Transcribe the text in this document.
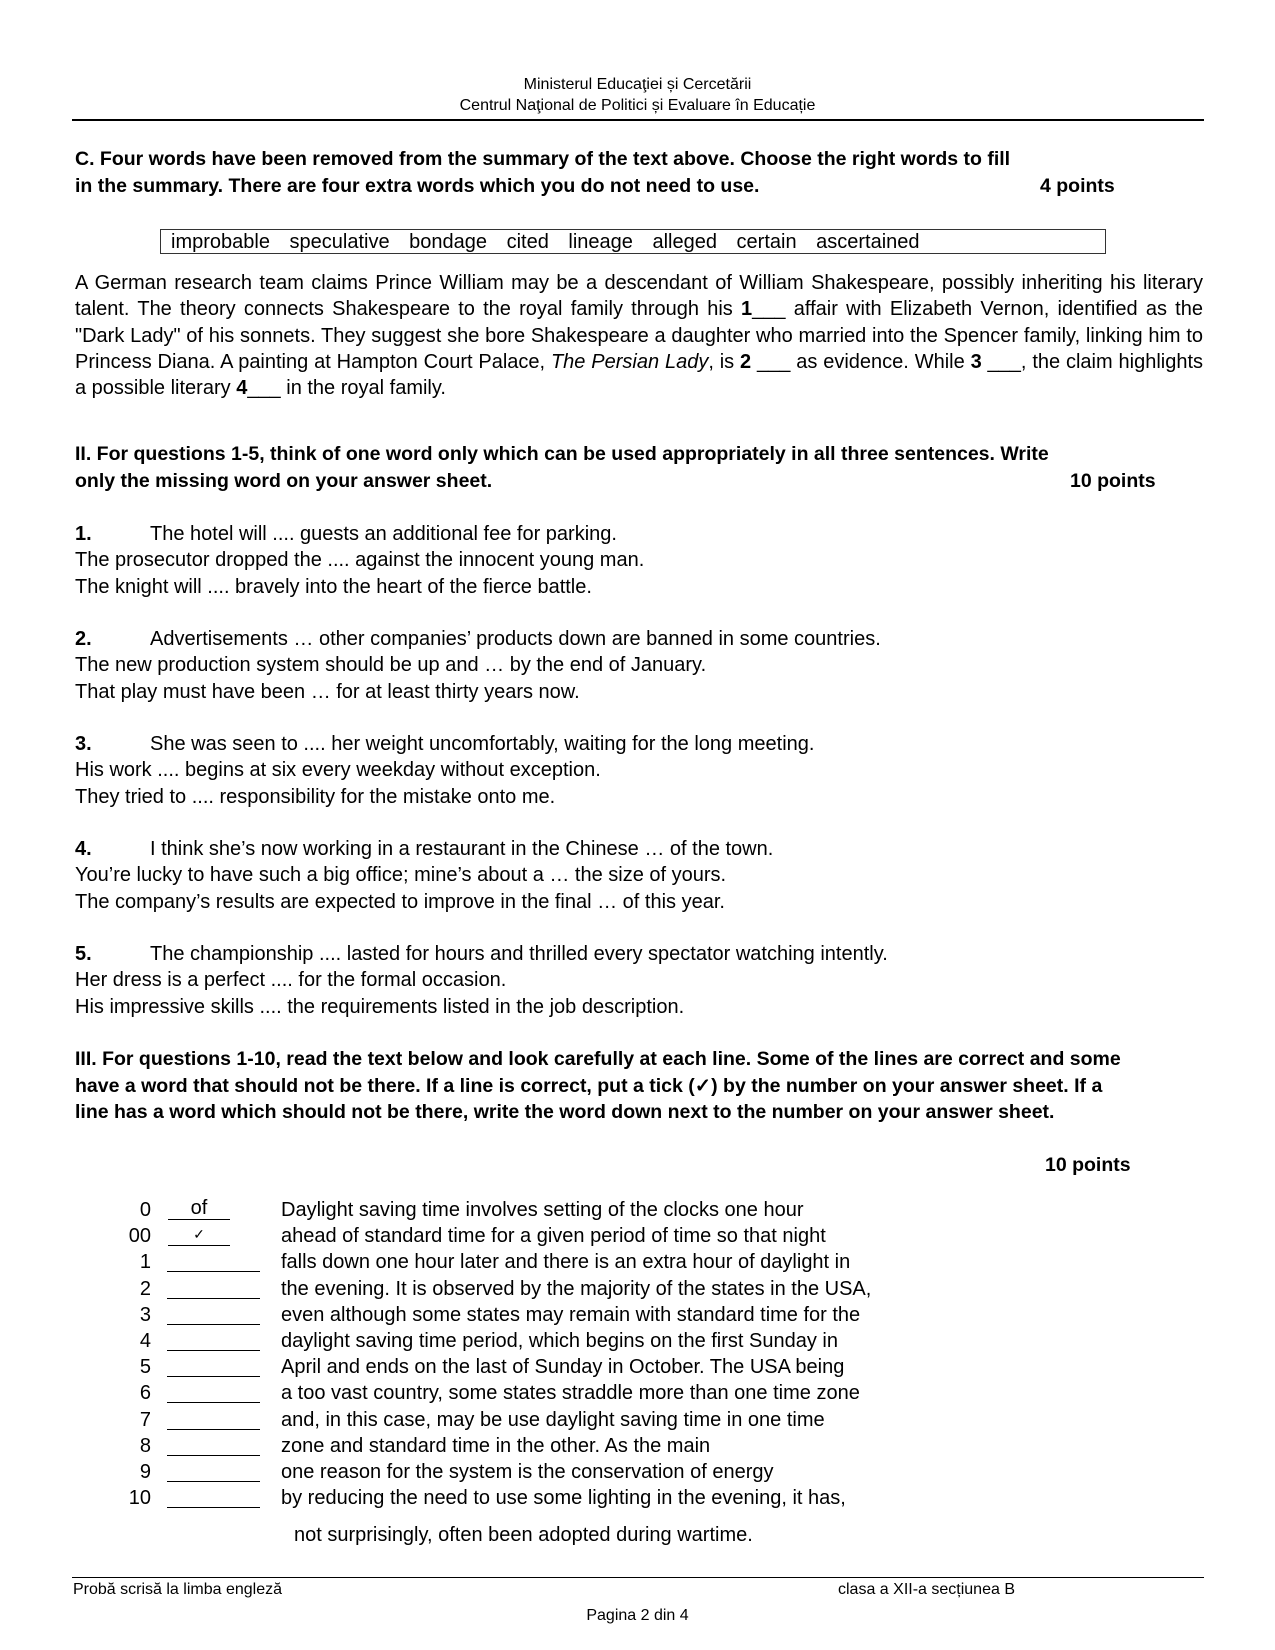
Ministerul Educaţiei și Cercetării
Centrul Naţional de Politici și Evaluare în Educație
C. Four words have been removed from the summary of the text above. Choose the right words to fill
in the summary. There are four extra words which you do not need to use.	4 points
improbable speculative bondage cited lineage alleged certain ascertained
A German research team claims Prince William may be a descendant of William Shakespeare, possibly inheriting his literary talent. The theory connects Shakespeare to the royal family through his 1___ affair with Elizabeth Vernon, identified as the "Dark Lady" of his sonnets. They suggest she bore Shakespeare a daughter who married into the Spencer family, linking him to Princess Diana. A painting at Hampton Court Palace, The Persian Lady, is 2 ___ as evidence. While 3 ___, the claim highlights a possible literary 4___ in the royal family.
II. For questions 1-5, think of one word only which can be used appropriately in all three sentences. Write
only the missing word on your answer sheet.	10 points
1.	The hotel will .... guests an additional fee for parking.
The prosecutor dropped the .... against the innocent young man.
The knight will .... bravely into the heart of the fierce battle.
2.	Advertisements … other companies’ products down are banned in some countries.
The new production system should be up and … by the end of January.
That play must have been … for at least thirty years now.
3.	She was seen to .... her weight uncomfortably, waiting for the long meeting.
His work .... begins at six every weekday without exception.
They tried to .... responsibility for the mistake onto me.
4.	I think she’s now working in a restaurant in the Chinese … of the town.
You’re lucky to have such a big office; mine’s about a … the size of yours.
The company’s results are expected to improve in the final … of this year.
5.	The championship .... lasted for hours and thrilled every spectator watching intently.
Her dress is a perfect .... for the formal occasion.
His impressive skills .... the requirements listed in the job description.
III. For questions 1-10, read the text below and look carefully at each line. Some of the lines are correct and some
have a word that should not be there. If a line is correct, put a tick (✓) by the number on your answer sheet. If a
line has a word which should not be there, write the word down next to the number on your answer sheet.
10 points
0	of	Daylight saving time involves setting of the clocks one hour
00	✓	ahead of standard time for a given period of time so that night
1	falls down one hour later and there is an extra hour of daylight in
2	the evening. It is observed by the majority of the states in the USA,
3	even although some states may remain with standard time for the
4	daylight saving time period, which begins on the first Sunday in
5	April and ends on the last of Sunday in October. The USA being
6	a too vast country, some states straddle more than one time zone
7	and, in this case, may be use daylight saving time in one time
8	zone and standard time in the other. As the main
9	one reason for the system is the conservation of energy
10	by reducing the need to use some lighting in the evening, it has,
not surprisingly, often been adopted during wartime.
Probă scrisă la limba engleză	clasa a XII-a secțiunea B
Pagina 2 din 4
